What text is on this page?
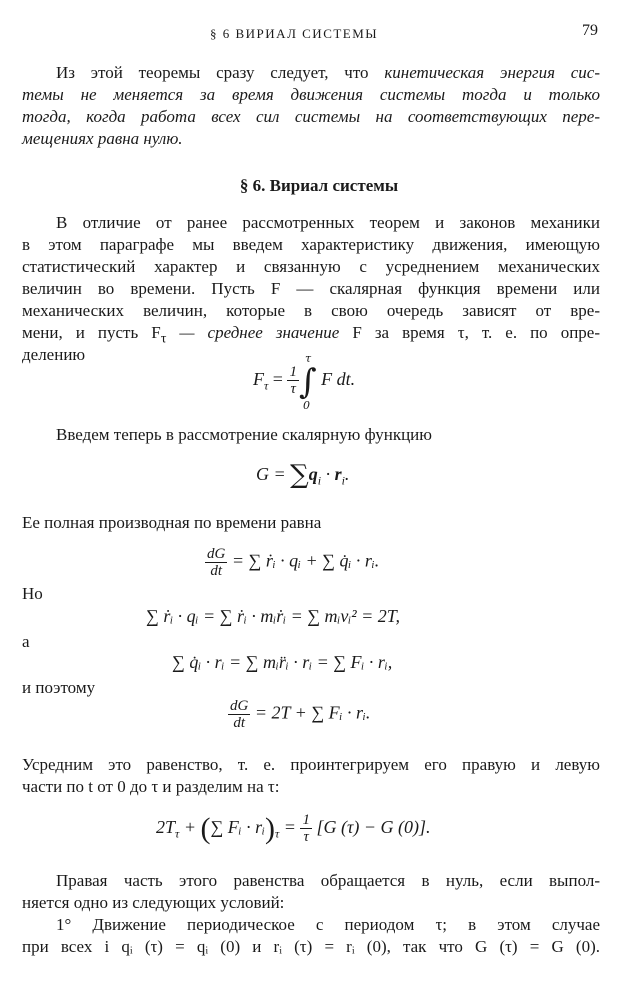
§ 6 ВИРИАЛ СИСТЕМЫ	79
Из этой теоремы сразу следует, что кинетическая энергия сис-
темы не меняется за время движения системы тогда и только
тогда, когда работа всех сил системы на соответствующих пере-
мещениях равна нулю.
§ 6. Вириал системы
В отличие от ранее рассмотренных теорем и законов механики
в этом параграфе мы введем характеристику движения, имеющую
статистический характер и связанную с усреднением механических
величин во времени. Пусть F — скалярная функция времени или
механических величин, которые в свою очередь зависят от вре-
мени, и пусть $F_\tau$ — среднее значение F за время τ, т. е. по опре-
делению
$F_\tau = \frac{1}{\tau}$ ∫
τ
0
F dt.
Введем теперь в рассмотрение скалярную функцию
$G = \sum q_i \cdot r_i$.
Ее полная производная по времени равна
$\frac{dG}{dt}$ = ∑ ṙᵢ · qᵢ + ∑ q̇ᵢ · rᵢ.
Но
∑ ṙᵢ · qᵢ = ∑ ṙᵢ · mᵢṙᵢ = ∑ mᵢvᵢ² = 2T,
а
∑ q̇ᵢ · rᵢ = ∑ mᵢr̈ᵢ · rᵢ = ∑ Fᵢ · rᵢ,
и поэтому
$\frac{dG}{dt} = 2T$ + ∑ Fᵢ · rᵢ.
Усредним это равенство, т. е. проинтегрируем его правую и левую
части по t от 0 до τ и разделим на τ:
$2T_\tau$ + (∑ Fᵢ · $rᵢ)_\tau = \frac{1}{\tau} [G$ (τ) − G (0)].
Правая часть этого равенства обращается в нуль, если выпол-
няется одно из следующих условий:
1° Движение периодическое с периодом τ; в этом случае
при всех i qᵢ (τ) = qᵢ (0) и rᵢ (τ) = rᵢ (0), так что G (τ) = G (0).
